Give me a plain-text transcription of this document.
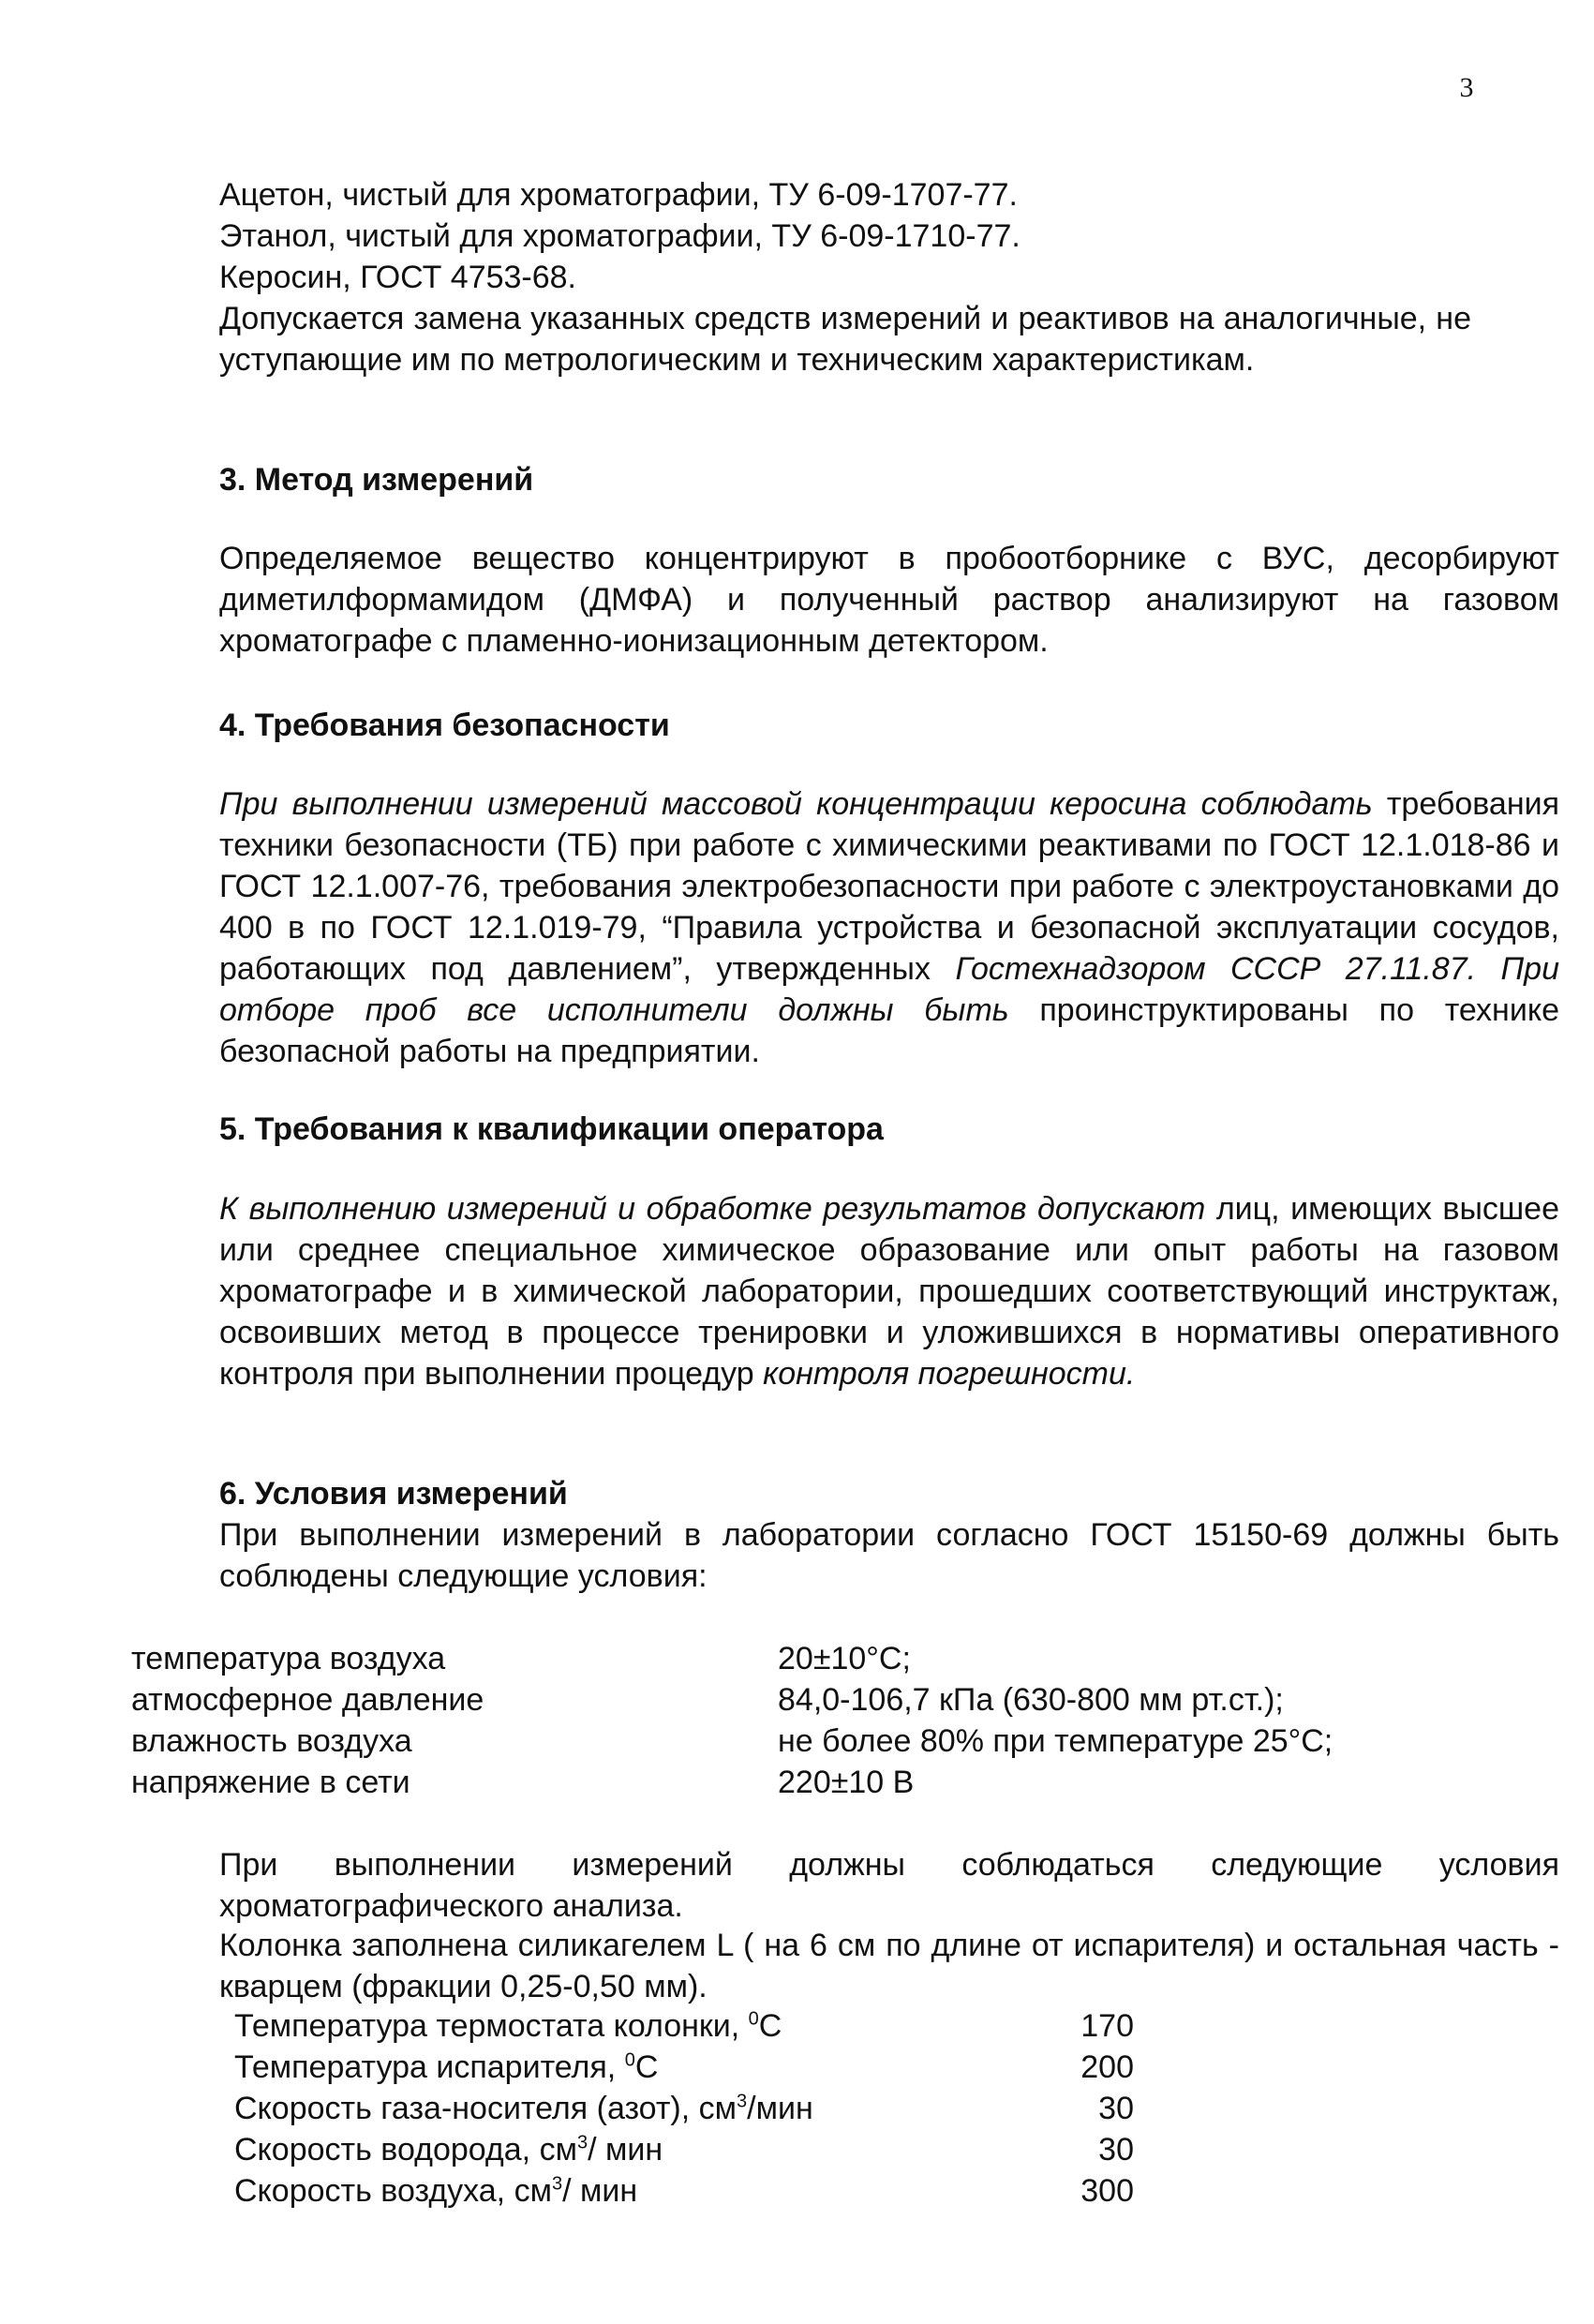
3

Ацетон, чистый для хроматографии, ТУ 6-09-1707-77.

Этанол, чистый для хроматографии, ТУ 6-09-1710-77.

Керосин, ГОСТ 4753-68.

Допускается замена указанных средств измерений и реактивов на аналогичные, не уступающие им по метрологическим и техническим характеристикам.

3. Метод измерений

Определяемое вещество концентрируют в пробоотборнике с ВУС, десорбируют диметилформамидом (ДМФА) и полученный раствор анализируют на газовом хроматографе с пламенно-ионизационным детектором.

4. Требования безопасности

При выполнении измерений массовой концентрации керосина соблюдать требования техники безопасности (ТБ) при работе с химическими реактивами по ГОСТ 12.1.018-86 и ГОСТ 12.1.007-76, требования электробезопасности при работе с электроустановками до 400 в по ГОСТ 12.1.019-79, “Правила устройства и безопасной эксплуатации сосудов, работающих под давлением”, утвержденных Гостехнадзором СССР 27.11.87. При отборе проб все исполнители должны быть проинструктированы по технике безопасной работы на предприятии.

5. Требования к квалификации оператора

К выполнению измерений и обработке результатов допускают лиц, имеющих высшее или среднее специальное химическое образование или опыт работы на газовом хроматографе и в химической лаборатории, прошедших соответствующий инструктаж, освоивших метод в процессе тренировки и уложившихся в нормативы оперативного контроля при выполнении процедур контроля погрешности.

6. Условия измерений

При выполнении измерений в лаборатории согласно ГОСТ 15150-69 должны быть соблюдены следующие условия:

температура воздуха	20±10°С;
атмосферное давление	84,0-106,7 кПа (630-800 мм рт.ст.);
влажность воздуха	не более 80% при температуре 25°С;
напряжение в сети	220±10 В

При выполнении измерений должны соблюдаться следующие условия хроматографического анализа.

Колонка заполнена силикагелем L ( на 6 см по длине от испарителя) и остальная часть - кварцем (фракции 0,25-0,50 мм).

Температура термостата колонки, $^0$С	170
Температура испарителя, $^0$С	200
Скорость газа-носителя (азот), $см^3$/мин	30
Скорость водорода, $см^3/$ мин	30
Скорость воздуха, $см^3/$ мин	300
